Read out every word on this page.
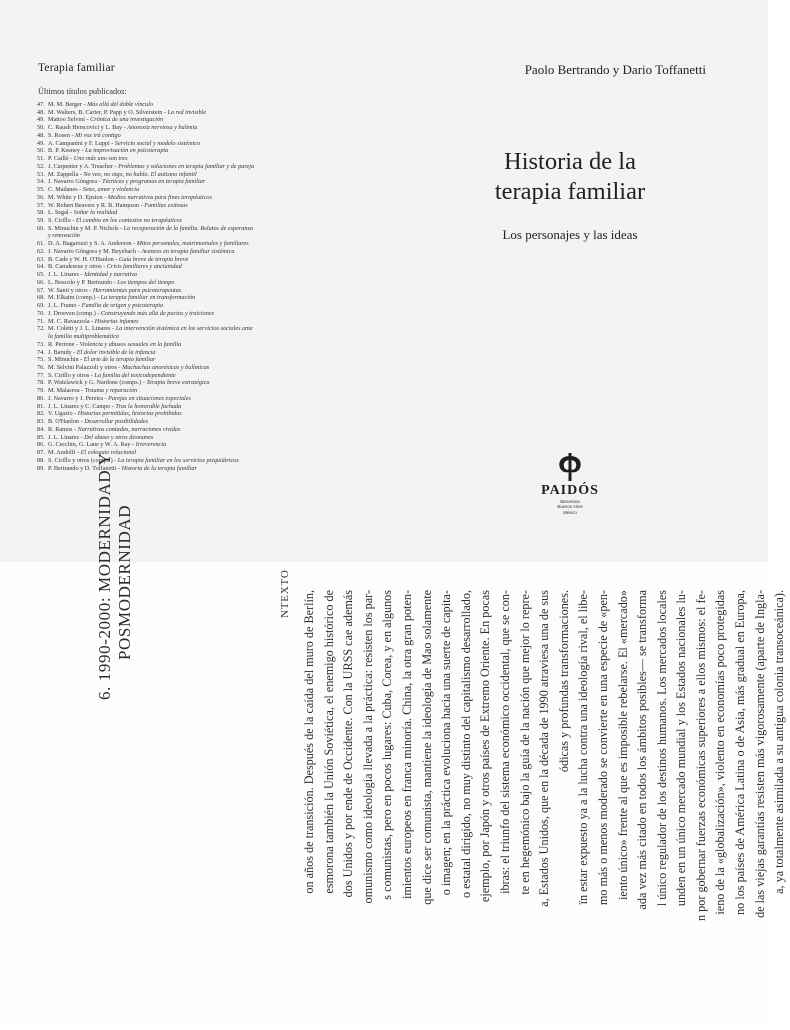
Terapia familiar
Últimos títulos publicados:
47. M. M. Berger - Más allá del doble vínculo
48. M. Walters, B. Carter, P. Papp y O. Silverstein - La red invisible
49. Mattoo Selvini - Crónica de una investigación
50. C. Raush Herscovici y L. Bay - Anorexia nerviosa y bulimia
48. S. Rosen - Mi voz irá contigo
49. A. Campanini y F. Luppi - Servicio social y modelo sistémico
50. B. P. Keeney - La improvisación en psicoterapia
51. P. Caillé - Uno más uno son tres
52. J. Carpenter y A. Treacher - Problemas y soluciones en terapia familiar y de pareja
53. M. Zappella - No veo, no oigo, no hablo. El autismo infantil
54. J. Navarro Góngora - Técnicas y programas en terapia familiar
55. C. Madanes - Sexo, amor y violencia
56. M. White y D. Epston - Medios narrativos para fines terapéuticos
57. W. Robert Beavers y R. B. Hampson - Familias exitosas
58. L. Segal - Soñar la realidad
59. S. Cirillo - El cambio en los contextos no terapéuticos
60. S. Minuchin y M. P. Nichols - La recuperación de la familia. Relatos de esperanza
y renovación
61. D. A. Bagarozzi y S. A. Anderson - Mitos personales, matrimoniales y familiares
62. J. Navarro Góngora y M. Beyebach - Avances en terapia familiar sistémica
63. B. Cade y W. H. O'Hanlon - Guía breve de terapia breve
64. B. Camdessus y otros - Crisis familiares y ancianidad
65. J. L. Linares - Identidad y narrativa
66. L. Boscolo y P. Bertrando - Los tiempos del tiempo
67. W. Santi y otros - Herramientas para psicoterapeutas
68. M. Elkaïm (comp.) - La terapia familiar en transformación
69. J. L. Framo - Familia de origen y psicoterapia
70. J. Droeven (comp.) - Construyendo más allá de pactos y traiciones
71. M. C. Ravazzola - Historias infames
72. M. Coletti y J. L. Linares - La intervención sistémica en los servicios sociales ante
la familia multiproblemática
73. R. Perrone - Violencia y abusos sexuales en la familia
74. J. Barudy - El dolor invisible de la infancia
75. S. Minuchin - El arte de la terapia familiar
76. M. Selvini Palazzoli y otros - Muchachas anoréxicas y bulímicas
77. S. Cirillo y otros - La familia del toxicodependiente
78. P. Watzlawick y G. Nardone (comps.) - Terapia breve estratégica
79. M. Malacrea - Trauma y reparación
80. J. Navarro y J. Pereira - Parejas en situaciones especiales
81. J. L. Linares y C. Campo - Tras la honorable fachada
82. V. Ugazio - Historias permitidas, historias prohibidas
83. B. O'Hanlon - Desarrollar posibilidades
84. R. Ramos - Narrativas contadas, narraciones vividas
85. J. L. Linares - Del abuso y otros desmanes
86. G. Cecchin, G. Lane y W. A. Ray - Irreverencia
87. M. Andolfi - El coloquio relacional
88. S. Cirillo y otros (comps.) - La terapia familiar en los servicios psiquiátricos
89. P. Bertrando y D. Toffanetti - Historia de la terapia familiar
Paolo Bertrando y Dario Toffanetti
Historia de la
terapia familiar
Los personajes y las ideas
PAIDÓS
Barcelona
Buenos Aires
México
6. 1990-2000: MODERNIDAD Y POSMODERNIDAD	NTEXTO on años de transición. Después de la caída del muro de Berlín, esmorona también la Unión Soviética, el enemigo histórico de dos Unidos y por ende de Occidente. Con la URSS cae además omunismo como ideología llevada a la práctica: resisten los par- s comunistas, pero en pocos lugares: Cuba, Corea, y en algunos imientos europeos en franca minoría. China, la otra gran poten- que dice ser comunista, mantiene la ideología de Mao solamente o imagen; en la práctica evoluciona hacia una suerte de capita- o estatal dirigido, no muy distinto del capitalismo desarrollado, ejemplo, por Japón y otros países de Extremo Oriente. En pocas ibras: el triunfo del sistema económico occidental, que se con- te en hegemónico bajo la guía de la nación que mejor lo repre- a, Estados Unidos, que en la década de 1990 atraviesa una de sus ódicas y profundas transformaciones. ïn estar expuesto ya a la lucha contra una ideología rival, el libe- mo más o menos moderado se convierte en una especie de «pen- iento único» frente al que es imposible rebelarse. El «mercado» ada vez más citado en todos los ámbitos posibles— se transforma l único regulador de los destinos humanos. Los mercados locales unden en un único mercado mundial y los Estados nacionales lu- n por gobernar fuerzas económicas superiores a ellos mismos: el fe- ieno de la «globalización», violento en economías poco protegidas no los países de América Latina o de Asia, más gradual en Europa, de las viejas garantías resisten más vigorosamente (aparte de Ingla- a, ya totalmente asimilada a su antigua colonia transoceánica).
